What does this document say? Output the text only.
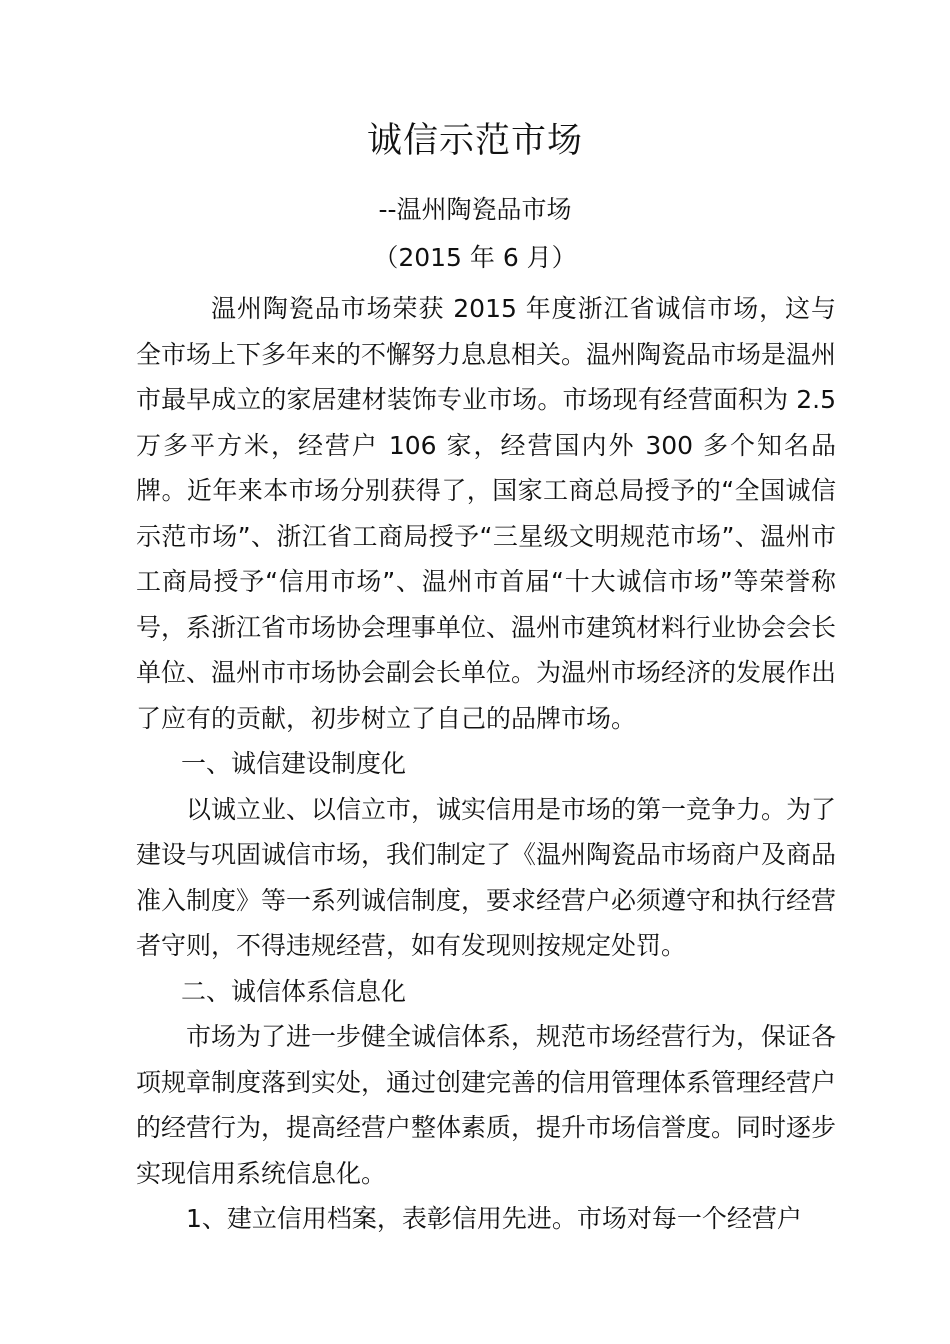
诚信示范市场
--温州陶瓷品市场
（2015 年 6 月）

温州陶瓷品市场荣获 2015 年度浙江省诚信市场，这与全市场上下多年来的不懈努力息息相关。温州陶瓷品市场是温州市最早成立的家居建材装饰专业市场。市场现有经营面积为 2.5 万多平方米，经营户 106 家，经营国内外 300 多个知名品牌。近年来本市场分别获得了，国家工商总局授予的“全国诚信示范市场”、浙江省工商局授予“三星级文明规范市场”、温州市工商局授予“信用市场”、温州市首届“十大诚信市场”等荣誉称号，系浙江省市场协会理事单位、温州市建筑材料行业协会会长单位、温州市市场协会副会长单位。为温州市场经济的发展作出了应有的贡献，初步树立了自己的品牌市场。

一、诚信建设制度化

以诚立业、以信立市，诚实信用是市场的第一竞争力。为了建设与巩固诚信市场，我们制定了《温州陶瓷品市场商户及商品准入制度》等一系列诚信制度，要求经营户必须遵守和执行经营者守则，不得违规经营，如有发现则按规定处罚。

二、诚信体系信息化

市场为了进一步健全诚信体系，规范市场经营行为，保证各项规章制度落到实处，通过创建完善的信用管理体系管理经营户的经营行为，提高经营户整体素质，提升市场信誉度。同时逐步实现信用系统信息化。

1、建立信用档案，表彰信用先进。市场对每一个经营户
